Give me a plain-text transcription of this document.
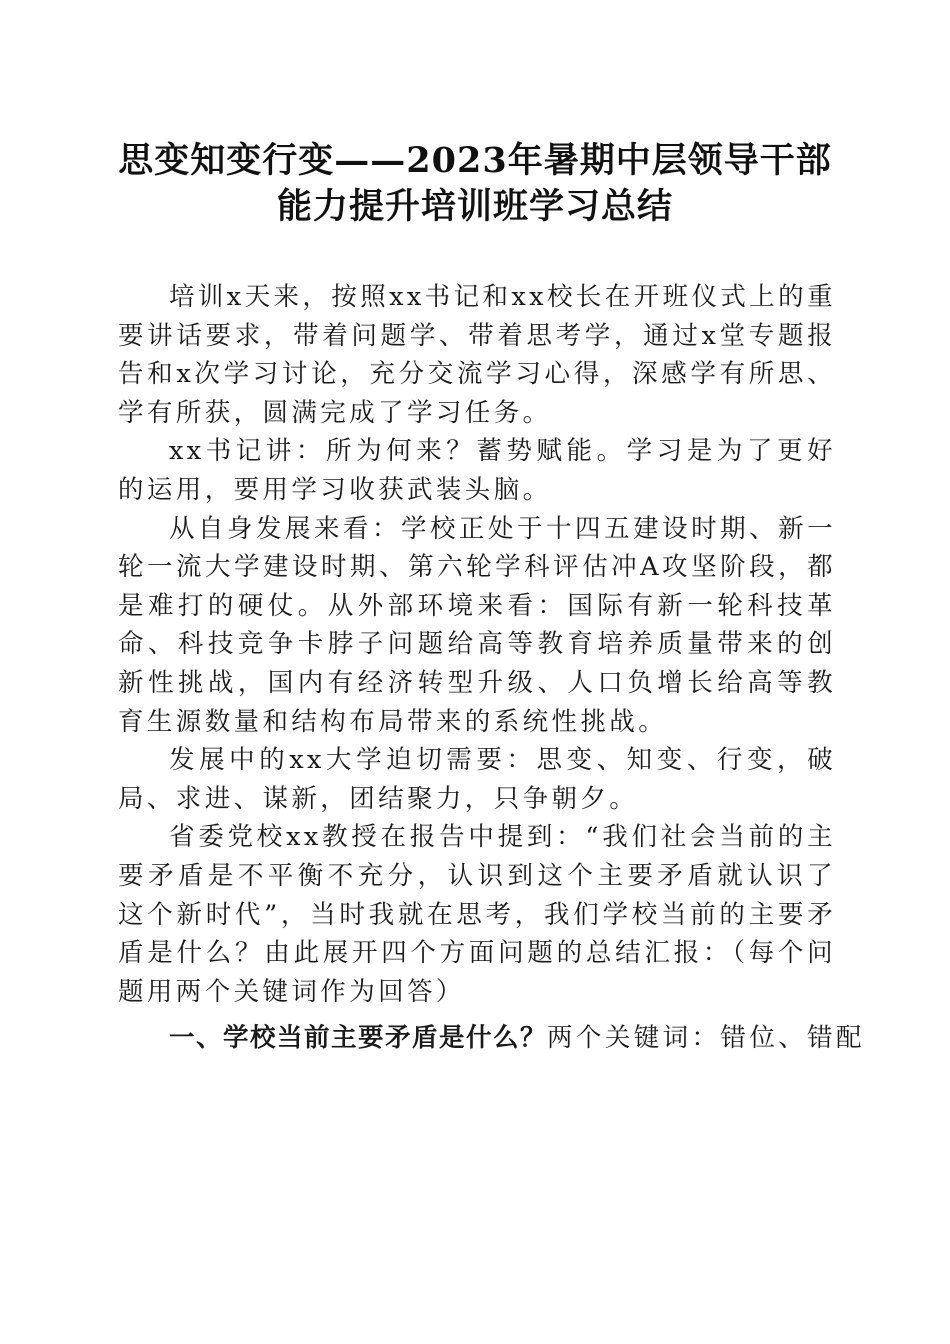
思变知变行变——2023年暑期中层领导干部
能力提升培训班学习总结

培训x天来，按照xx书记和xx校长在开班仪式上的重要讲话要求，带着问题学、带着思考学，通过x堂专题报告和x次学习讨论，充分交流学习心得，深感学有所思、学有所获，圆满完成了学习任务。

xx书记讲：所为何来？蓄势赋能。学习是为了更好的运用，要用学习收获武装头脑。

从自身发展来看：学校正处于十四五建设时期、新一轮一流大学建设时期、第六轮学科评估冲A攻坚阶段，都是难打的硬仗。从外部环境来看：国际有新一轮科技革命、科技竞争卡脖子问题给高等教育培养质量带来的创新性挑战，国内有经济转型升级、人口负增长给高等教育生源数量和结构布局带来的系统性挑战。

发展中的xx大学迫切需要：思变、知变、行变，破局、求进、谋新，团结聚力，只争朝夕。

省委党校xx教授在报告中提到：“我们社会当前的主要矛盾是不平衡不充分，认识到这个主要矛盾就认识了这个新时代”，当时我就在思考，我们学校当前的主要矛盾是什么？由此展开四个方面问题的总结汇报：（每个问题用两个关键词作为回答）

一、学校当前主要矛盾是什么？两个关键词：错位、错配
